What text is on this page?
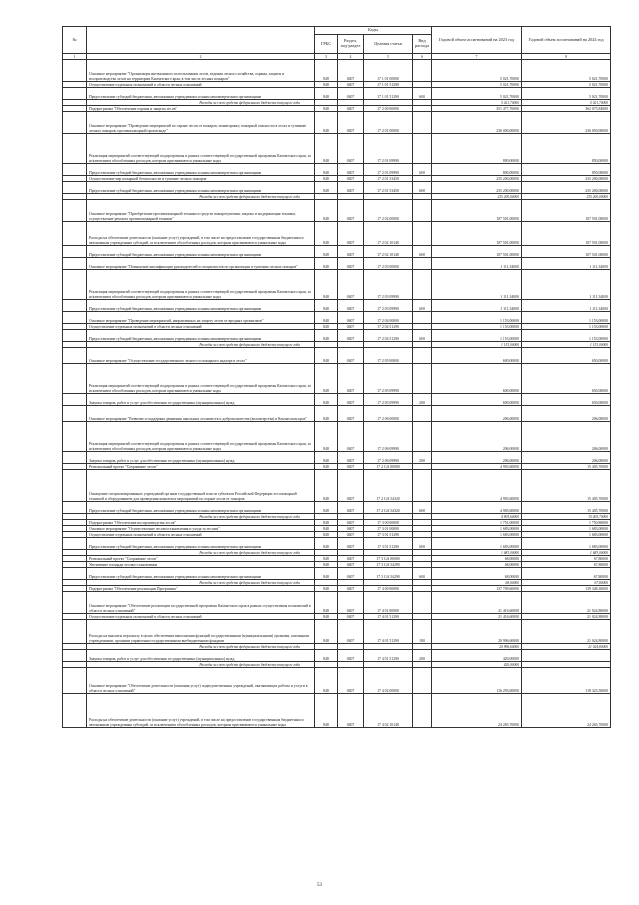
№		Коды				Годовой объем ассигнований на 2023 год	Годовой объем ассигнований на 2024 год
		ГРБС	Раздел, под-раздел	Целевая статья	Вид расхода		
1	2	3	4	5	6	7	8
	Основное мероприятие "Организация интенсивного использования лесов, ведения лесного хозяйства, охраны, защиты и воспроизводства лесов на территории Камчатского края, в том числе лесных пожаров"	848	0407	17 1 01 00000		5 021,70000	5 021,70000
	Осуществление отдельных полномочий в области лесных отношений	848	0407	17 1 01 51290		5 021,70000	5 021,70000
	Предоставление субсидий бюджетным, автономным учреждениям и иным некоммерческим организациям	848	0407	17 1 01 51290	600	5 021,70000	5 021,70000
	Расходы за счет средств федерального бюджета текущего года					5 021,70000	5 021,70000
	Подпрограмма "Обеспечение охраны и защиты лесов"	848	0407	17 2 00 00000		351 477,70000	362 075,84000
	Основное мероприятие "Проведение мероприятий по охране лесов от пожаров, мониторингу пожарной опасности в лесах и тушению лесных пожаров, противопожарной пропаганде"	848	0407	17 2 01 00000		236 000,00000	236 050,00000
	Реализация мероприятий соответствующей подпрограммы в рамках соответствующей государственной программы Камчатского края, за исключением обособленных расходов, которым присваиваются уникальные коды	848	0407	17 2 01 09990		800,00000	850,00000
	Предоставление субсидий бюджетным, автономным учреждениям и иным некоммерческим организациям	848	0407	17 2 01 09990	600	800,00000	850,00000
	Осуществление мер пожарной безопасности и тушение лесных пожаров	848	0407	17 2 01 53450		235 200,00000	235 200,00000
	Предоставление субсидий бюджетным, автономным учреждениям и иным некоммерческим организациям	848	0407	17 2 01 53450	600	235 200,00000	235 200,00000
	Расходы за счет средств федерального бюджета текущего года					235 200,00000	235 200,00000
	Основное мероприятие "Приобретение противопожарной техники и средств пожаротушения, закупка и модернизация техники, осуществление ремонта противопожарной техники"	848	0407	17 2 02 00000		107 501,00000	107 501,00000
	Расходы на обеспечение деятельности (оказание услуг) учреждений, в том числе на предоставление государственным бюджетным и автономным учреждениям субсидий, за исключением обособленных расходов, которым присваиваются уникальные коды	848	0407	17 2 02 10140		107 501,00000	107 501,00000
	Предоставление субсидий бюджетным, автономным учреждениям и иным некоммерческим организациям	848	0407	17 2 02 10140	600	107 501,00000	107 501,00000
	Основное мероприятие "Повышение квалификации руководителей и специалистов по организации и тушению лесных пожаров"	848	0407	17 2 03 00000		1 111,34000	1 111,34000
	Реализация мероприятий соответствующей подпрограммы в рамках соответствующей государственной программы Камчатского края, за исключением обособленных расходов, которым присваиваются уникальные коды	848	0407	17 2 03 09990		1 111,34000	1 111,34000
	Предоставление субсидий бюджетным, автономным учреждениям и иным некоммерческим организациям	848	0407	17 2 03 09990	600	1 111,34000	1 111,34000
	Основное мероприятие "Проведение мероприятий, направленных на защиту лесов от вредных организмов"	848	0407	17 2 04 00000		1 153,00000	1 153,00000
	Осуществление отдельных полномочий в области лесных отношений	848	0407	17 2 04 51290		1 153,00000	1 153,00000
	Предоставление субсидий бюджетным, автономным учреждениям и иным некоммерческим организациям	848	0407	17 2 04 51290	600	1 153,00000	1 153,00000
	Расходы за счет средств федерального бюджета текущего года					1 153,00000	1 153,00000
	Основное мероприятие "Осуществление государственного лесного и пожарного надзора в лесах"	848	0407	17 2 05 00000		600,00000	650,00000
	Реализация мероприятий соответствующей подпрограммы в рамках соответствующей государственной программы Камчатского края, за исключением обособленных расходов, которым присваиваются уникальные коды	848	0407	17 2 05 09990		600,00000	650,00000
	Закупка товаров, работ и услуг для обеспечения государственных (муниципальных) нужд	848	0407	17 2 05 09990	200	600,00000	650,00000
	Основное мероприятие "Развитие и поддержка движения школьных лесничеств и добровольчества (волонтерства) в Камчатском крае"	848	0407	17 2 06 00000		206,00000	206,00000
	Реализация мероприятий соответствующей подпрограммы в рамках соответствующей государственной программы Камчатского края, за исключением обособленных расходов, которым присваиваются уникальные коды	848	0407	17 2 06 09990		206,00000	206,00000
	Закупка товаров, работ и услуг для обеспечения государственных (муниципальных) нужд	848	0407	17 2 06 09990	200	206,00000	206,00000
	Региональный проект "Сохранение лесов"	848	0407	17 2 GA 00000		4 905,60000	15 405,70000
	Оснащение специализированных учреждений органов государственной власти субъектов Российской Федерации лесопожарной техникой и оборудованием для проведения комплекса мероприятий по охране лесов от пожаров	848	0407	17 2 GA 54320		4 905,60000	15 405,70000
	Предоставление субсидий бюджетным, автономным учреждениям и иным некоммерческим организациям	848	0407	17 2 GA 54320	600	4 905,60000	15 405,70000
	Расходы за счет средств федерального бюджета текущего года					4 905,60000	15 405,70000
	Подпрограмма "Обеспечение воспроизводства лесов"	848	0407	17 3 00 00000		1 751,00000	1 750,80000
	Основное мероприятие "Осуществление лесовосстановления и ухода за лесами"	848	0407	17 3 01 00000		1 683,00000	1 683,00000
	Осуществление отдельных полномочий в области лесных отношений	848	0407	17 3 01 51290		1 683,00000	1 683,00000
	Предоставление субсидий бюджетным, автономным учреждениям и иным некоммерческим организациям	848	0407	17 3 01 51290	600	1 683,00000	1 683,00000
	Расходы за счет средств федерального бюджета текущего года					1 683,00000	1 683,00000
	Региональный проект "Сохранение лесов"	848	0407	17 3 GA 00000		68,00000	67,80000
	Увеличение площади лесовосстановления	848	0407	17 3 GA 54290		68,00000	67,80000
	Предоставление субсидий бюджетным, автономным учреждениям и иным некоммерческим организациям	848	0407	17 3 GA 54290	600	68,00000	67,80000
	Расходы за счет средств федерального бюджета текущего года					68,00000	67,80000
	Подпрограмма "Обеспечение реализации Программы"	848	0407	17 4 00 00000		137 709,60000	139 348,30000
	Основное мероприятие "Обеспечение реализации государственной программы Камчатского края в рамках осуществления полномочий в области лесных отношений"	848	0407	17 4 01 00000		21 416,60000	21 024,80000
	Осуществление отдельных полномочий в области лесных отношений	848	0407	17 4 01 51290		21 416,60000	21 024,80000
	Расходы на выплаты персоналу в целях обеспечения выполнения функций государственными (муниципальными) органами, казенными учреждениями, органами управления государственными внебюджетными фондами	848	0407	17 4 01 51290	100	20 996,60000	21 024,80000
	Расходы за счет средств федерального бюджета текущего года					20 996,60000	21 024,80000
	Закупка товаров, работ и услуг для обеспечения государственных (муниципальных) нужд	848	0407	17 4 01 51290	200	420,00000	
	Расходы за счет средств федерального бюджета текущего года					420,00000	
	Основное мероприятие "Обеспечение деятельности (оказания услуг) подведомственных учреждений, оказывающих работы и услуги в области лесных отношений"	848	0407	17 4 02 00000		116 293,00000	118 323,50000
	Расходы на обеспечение деятельности (оказание услуг) учреждений, в том числе на предоставление государственным бюджетным и автономным учреждениям субсидий, за исключением обособленных расходов, которым присваиваются уникальные коды	848	0407	17 4 02 10140		24 265,70000	24 265,70000
53
